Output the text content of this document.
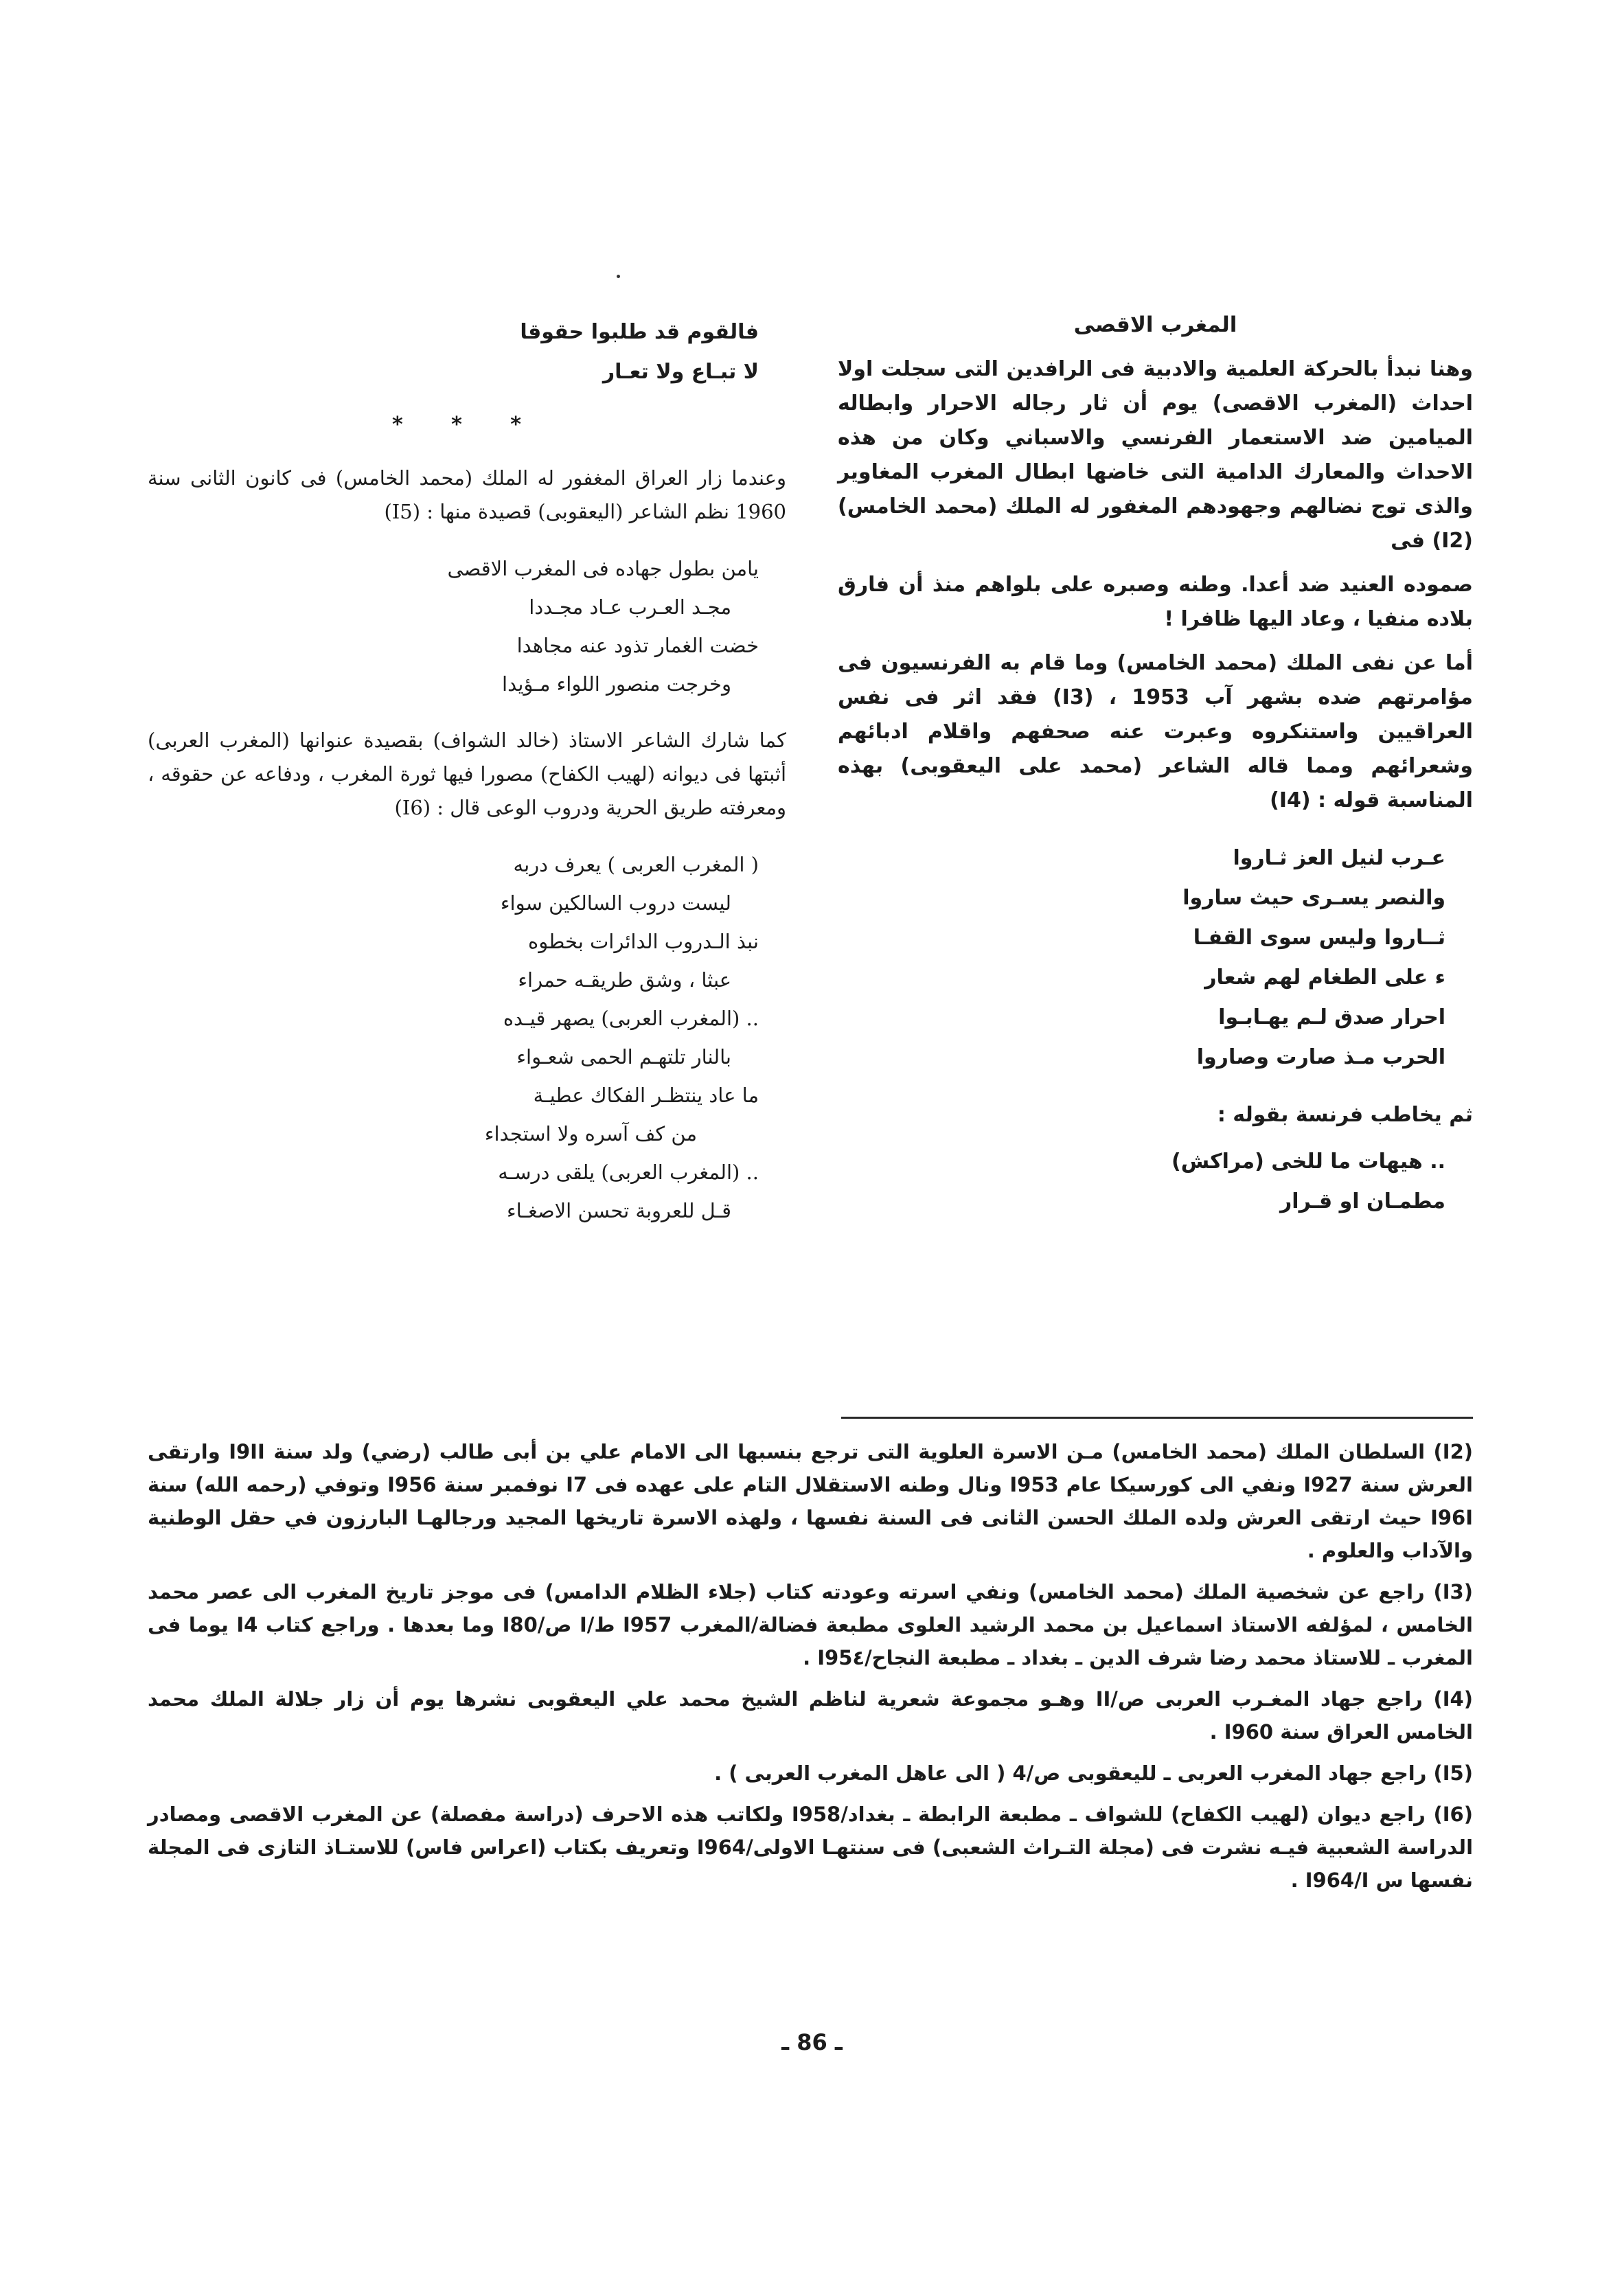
المغرب الاقصى

وهنا نبدأ بالحركة العلمية والادبية فى الرافدين التى سجلت اولا احداث (المغرب الاقصى) يوم أن ثار رجاله الاحرار وابطاله الميامين ضد الاستعمار الفرنسي والاسباني وكان من هذه الاحداث والمعارك الدامية التى خاضها ابطال المغرب المغاوير والذى توج نضالهم وجهودهم المغفور له الملك (محمد الخامس) (I2) فى

صموده العنيد ضد أعدا. وطنه وصبره على بلواهم منذ أن فارق بلاده منفيا ، وعاد اليها ظافرا !

أما عن نفى الملك (محمد الخامس) وما قام به الفرنسيون فى مؤامرتهم ضده بشهر آب 1953 ، (I3) فقد اثر فى نفس العراقيين واستنكروه وعبرت عنه صحفهم واقلام ادبائهم وشعرائهم ومما قاله الشاعر (محمد على اليعقوبى) بهذه المناسبة قوله : (I4)

عـرب لنيل العز ثـاروا
والنصر يسـرى حيث ساروا
ثــاروا وليس سوى القفـا
ء على الطغام لهم شعار
احرار صدق لـم يهـابـوا
الحرب مـذ صارت وصاروا

ثم يخاطب فرنسة بقوله :

.. هيهات ما للخى (مراكش)
مطمـان او قـرار
فالقوم قد طلبوا حقوقا
لا تبـاع ولا تعـار
* * *

وعندما زار العراق المغفور له الملك (محمد الخامس) فى كانون الثانى سنة 1960 نظم الشاعر (اليعقوبى) قصيدة منها : (I5)

يامن بطول جهاده فى المغرب الاقصى
مجـد العـرب عـاد مجـددا
خضت الغمار تذود عنه مجاهدا
وخرجت منصور اللواء مـؤيدا

كما شارك الشاعر الاستاذ (خالد الشواف) بقصيدة عنوانها (المغرب العربى) أثبتها فى ديوانه (لهيب الكفاح) مصورا فيها ثورة المغرب ، ودفاعه عن حقوقه ، ومعرفته طريق الحرية ودروب الوعى قال : (I6)

( المغرب العربى ) يعرف دربه
ليست دروب السالكين سواء
نبذ الـدروب الدائرات بخطوه
عبثا ، وشق طريقـه حمراء
.. (المغرب العربى) يصهر قيـده
بالنار تلتهـم الحمى شعـواء
ما عاد ينتظـر الفكاك عطيـة
من كف آسره ولا استجداء
.. (المغرب العربى) يلقى درسـه
قـل للعروبة تحسن الاصغـاء

(I2) السلطان الملك (محمد الخامس) مـن الاسرة العلوية التى ترجع بنسبها الى الامام علي بن أبى طالب (رضي) ولد سنة I9II وارتقى العرش سنة I927 ونفي الى كورسيكا عام I953 ونال وطنه الاستقلال التام على عهده فى I7 نوفمبر سنة I956 وتوفي (رحمه الله) سنة I96I حيث ارتقى العرش ولده الملك الحسن الثانى فى السنة نفسها ، ولهذه الاسرة تاريخها المجيد ورجالهـا البارزون في حقل الوطنية والآداب والعلوم .

(I3) راجع عن شخصية الملك (محمد الخامس) ونفي اسرته وعودته كتاب (جلاء الظلام الدامس) فى موجز تاريخ المغرب الى عصر محمد الخامس ، لمؤلفه الاستاذ اسماعيل بن محمد الرشيد العلوى مطبعة فضالة/المغرب I957 ط/I ص/I80 وما بعدها . وراجع كتاب I4 يوما فى المغرب ـ للاستاذ محمد رضا شرف الدين ـ بغداد ـ مطبعة النجاح/I95٤ .

(I4) راجع جهاد المغـرب العربى ص/II وهـو مجموعة شعرية لناظم الشيخ محمد علي اليعقوبى نشرها يوم أن زار جلالة الملك محمد الخامس العراق سنة I960 .

(I5) راجع جهاد المغرب العربى ـ لليعقوبى ص/4 ( الى عاهل المغرب العربى ) .

(I6) راجع ديوان (لهيب الكفاح) للشواف ـ مطبعة الرابطة ـ بغداد/I958 ولكاتب هذه الاحرف (دراسة مفصلة) عن المغرب الاقصى ومصادر الدراسة الشعبية فيـه نشرت فى (مجلة التـراث الشعبى) فى سنتهـا الاولى/I964 وتعريف بكتاب (اعراس فاس) للاستـاذ التازى فى المجلة نفسها س I964/I .

ـ 86 ـ
